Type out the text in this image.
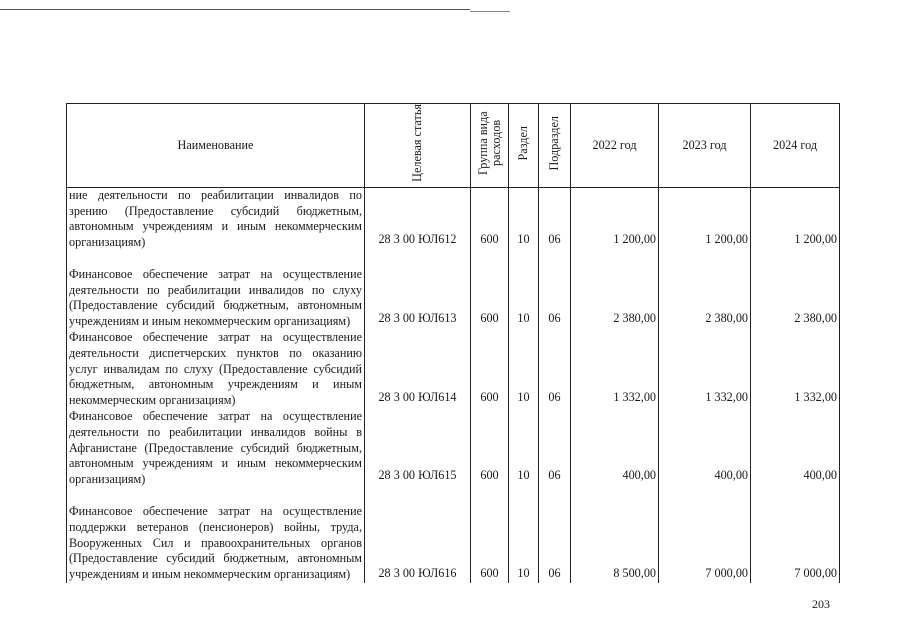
Наименование	Целевая статья	Группа вида расходов	Раздел	Подраздел	2022 год	2023 год	2024 год
ние деятельности по реабилитации инвалидов по зрению (Предоставление субсидий бюджетным, автономным учреждениям и иным некоммерческим организациям)	28 3 00 ЮЛ612	600	10	06	1 200,00	1 200,00	1 200,00
Финансовое обеспечение затрат на осуществление деятельности по реабилитации инвалидов по слуху (Предоставление субсидий бюджетным, автономным учреждениям и иным некоммерческим организациям)	28 3 00 ЮЛ613	600	10	06	2 380,00	2 380,00	2 380,00
Финансовое обеспечение затрат на осуществление деятельности диспетчерских пунктов по оказанию услуг инвалидам по слуху (Предоставление субсидий бюджетным, автономным учреждениям и иным некоммерческим организациям)	28 3 00 ЮЛ614	600	10	06	1 332,00	1 332,00	1 332,00
Финансовое обеспечение затрат на осуществление деятельности по реабилитации инвалидов войны в Афганистане (Предоставление субсидий бюджетным, автономным учреждениям и иным некоммерческим организациям)	28 3 00 ЮЛ615	600	10	06	400,00	400,00	400,00
Финансовое обеспечение затрат на осуществление поддержки ветеранов (пенсионеров) войны, труда, Вооруженных Сил и правоохранительных органов (Предоставление субсидий бюджетным, автономным учреждениям и иным некоммерческим организациям)	28 3 00 ЮЛ616	600	10	06	8 500,00	7 000,00	7 000,00
203
